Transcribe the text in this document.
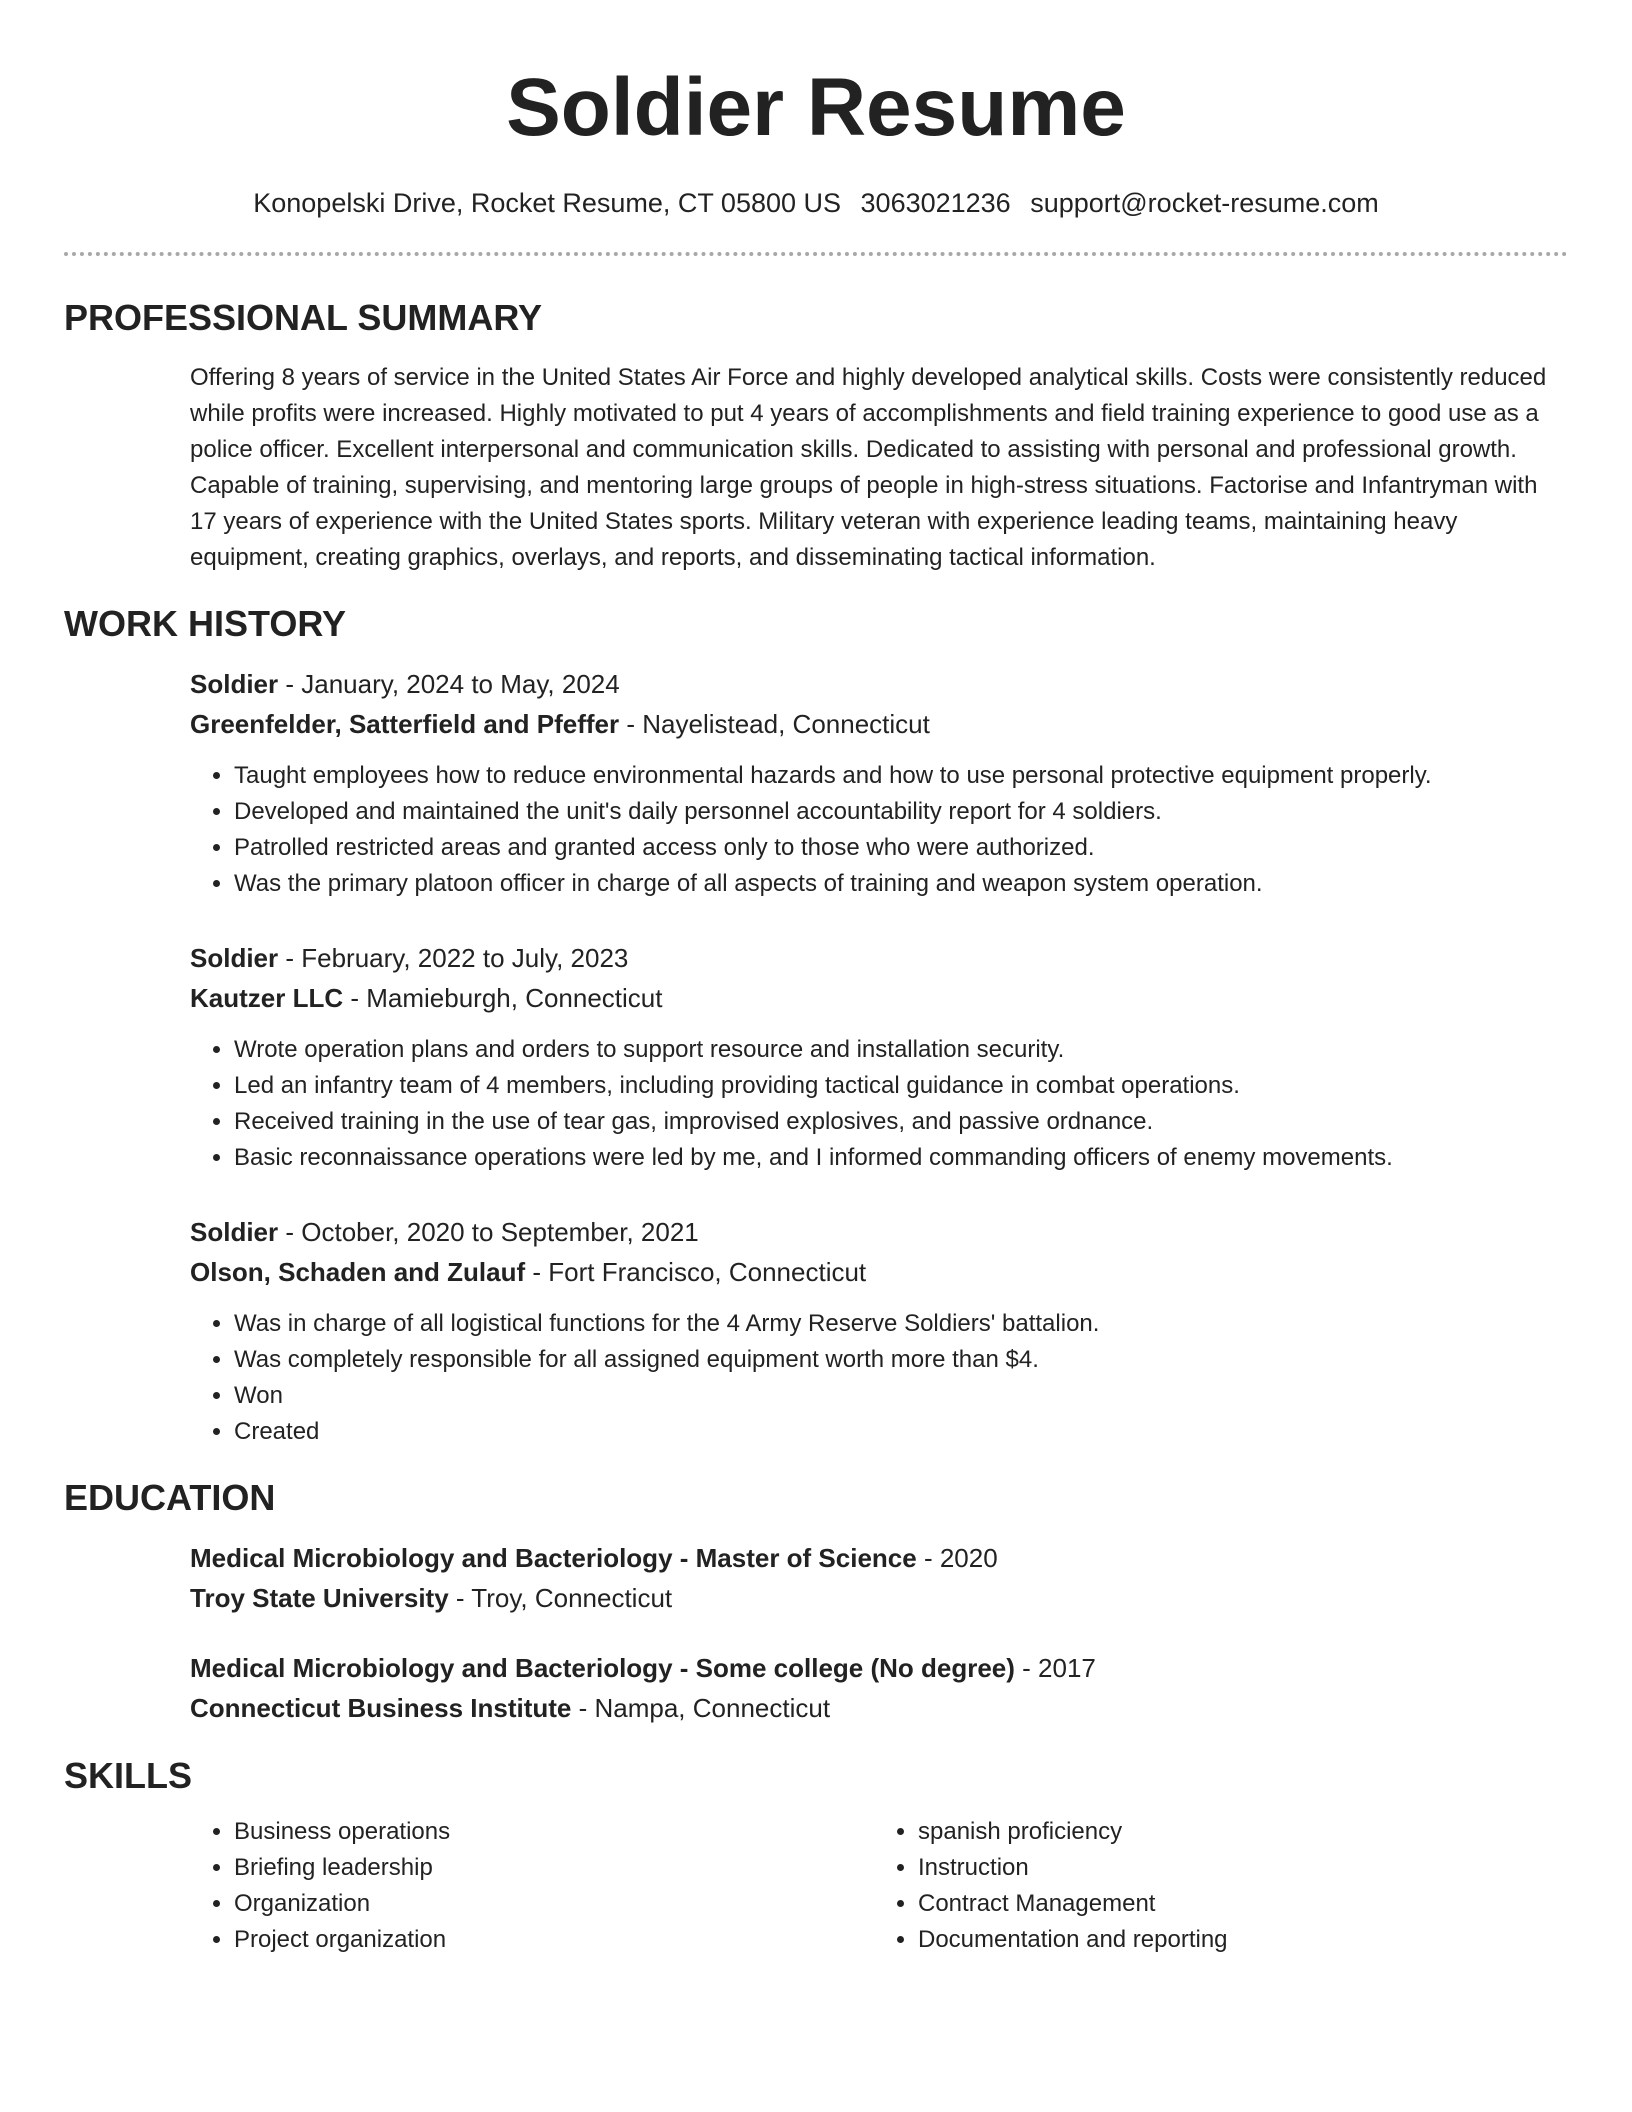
Soldier Resume
Konopelski Drive, Rocket Resume, CT 05800 US 3063021236 support@rocket-resume.com
PROFESSIONAL SUMMARY

Offering 8 years of service in the United States Air Force and highly developed analytical skills. Costs were consistently reduced while profits were increased. Highly motivated to put 4 years of accomplishments and field training experience to good use as a police officer. Excellent interpersonal and communication skills. Dedicated to assisting with personal and professional growth. Capable of training, supervising, and mentoring large groups of people in high-stress situations. Factorise and Infantryman with 17 years of experience with the United States sports. Military veteran with experience leading teams, maintaining heavy equipment, creating graphics, overlays, and reports, and disseminating tactical information.

WORK HISTORY
Soldier - January, 2024 to May, 2024
Greenfelder, Satterfield and Pfeffer - Nayelistead, Connecticut
• Taught employees how to reduce environmental hazards and how to use personal protective equipment properly.
• Developed and maintained the unit's daily personnel accountability report for 4 soldiers.
• Patrolled restricted areas and granted access only to those who were authorized.
• Was the primary platoon officer in charge of all aspects of training and weapon system operation.
Soldier - February, 2022 to July, 2023
Kautzer LLC - Mamieburgh, Connecticut
• Wrote operation plans and orders to support resource and installation security.
• Led an infantry team of 4 members, including providing tactical guidance in combat operations.
• Received training in the use of tear gas, improvised explosives, and passive ordnance.
• Basic reconnaissance operations were led by me, and I informed commanding officers of enemy movements.
Soldier - October, 2020 to September, 2021
Olson, Schaden and Zulauf - Fort Francisco, Connecticut
• Was in charge of all logistical functions for the 4 Army Reserve Soldiers' battalion.
• Was completely responsible for all assigned equipment worth more than $4.
• Won
• Created
EDUCATION
Medical Microbiology and Bacteriology - Master of Science - 2020
Troy State University - Troy, Connecticut
Medical Microbiology and Bacteriology - Some college (No degree) - 2017
Connecticut Business Institute - Nampa, Connecticut
SKILLS
• Business operations
• Briefing leadership
• Organization
• Project organization
• spanish proficiency
• Instruction
• Contract Management
• Documentation and reporting
